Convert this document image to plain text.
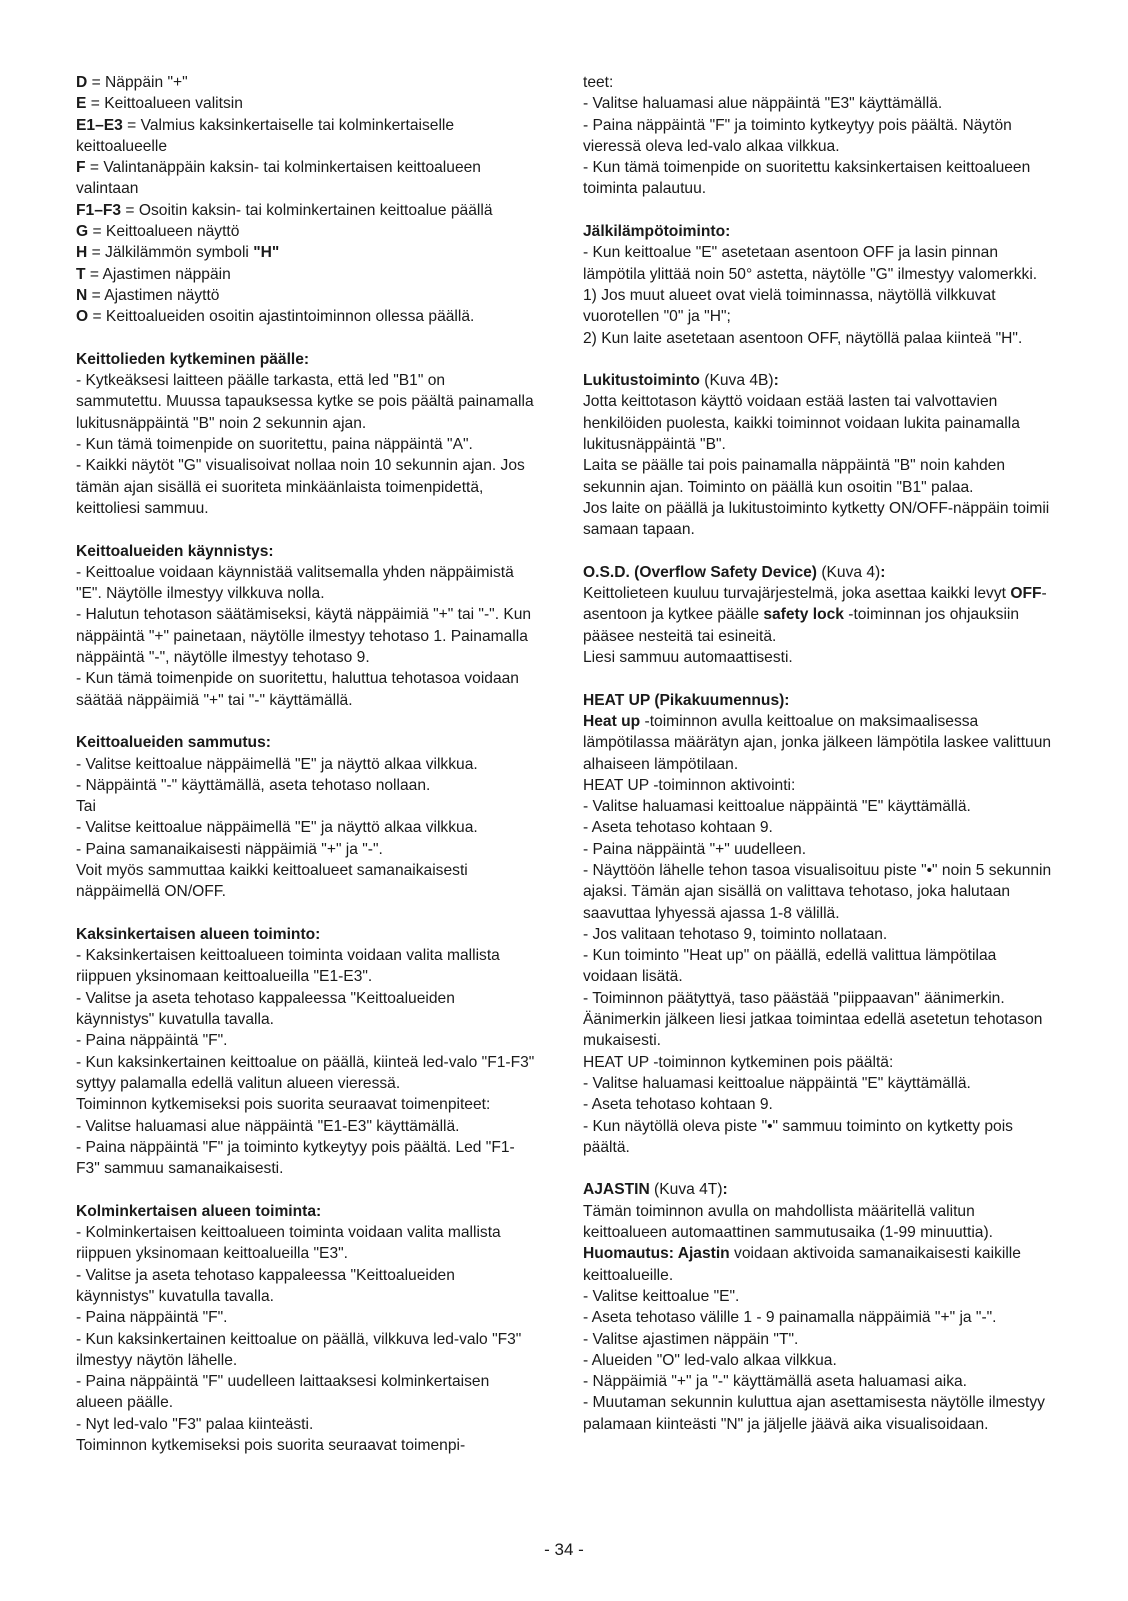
D = Näppäin "+"
E = Keittoalueen valitsin
E1–E3 = Valmius kaksinkertaiselle tai kolminkertaiselle keittoalueelle
F = Valintanäppäin kaksin- tai kolminkertaisen keittoalueen valintaan
F1–F3 = Osoitin kaksin- tai kolminkertainen keittoalue päällä
G = Keittoalueen näyttö
H = Jälkilämmön symboli "H"
T = Ajastimen näppäin
N = Ajastimen näyttö
O = Keittoalueiden osoitin ajastintoiminnon ollessa päällä.
Keittolieden kytkeminen päälle:
- Kytkeäksesi laitteen päälle tarkasta, että led "B1" on sammutettu. Muussa tapauksessa kytke se pois päältä painamalla lukitusnäppäintä "B" noin 2 sekunnin ajan.
- Kun tämä toimenpide on suoritettu, paina näppäintä "A".
- Kaikki näytöt "G" visualisoivat nollaa noin 10 sekunnin ajan. Jos tämän ajan sisällä ei suoriteta minkäänlaista toimenpidettä, keittoliesi sammuu.
Keittoalueiden käynnistys:
- Keittoalue voidaan käynnistää valitsemalla yhden näppäimistä "E". Näytölle ilmestyy vilkkuva nolla.
- Halutun tehotason säätämiseksi, käytä näppäimiä "+" tai "-". Kun näppäintä "+" painetaan, näytölle ilmestyy tehotaso 1. Painamalla näppäintä "-", näytölle ilmestyy tehotaso 9.
- Kun tämä toimenpide on suoritettu, haluttua tehotasoa voidaan säätää näppäimiä "+" tai "-" käyttämällä.
Keittoalueiden sammutus:
- Valitse keittoalue näppäimellä "E" ja näyttö alkaa vilkkua.
- Näppäintä "-" käyttämällä, aseta tehotaso nollaan.
Tai
- Valitse keittoalue näppäimellä "E" ja näyttö alkaa vilkkua.
- Paina samanaikaisesti näppäimiä "+" ja "-".
Voit myös sammuttaa kaikki keittoalueet samanaikaisesti näppäimellä ON/OFF.
Kaksinkertaisen alueen toiminto:
- Kaksinkertaisen keittoalueen toiminta voidaan valita mallista riippuen yksinomaan keittoalueilla "E1-E3".
- Valitse ja aseta tehotaso kappaleessa "Keittoalueiden käynnistys" kuvatulla tavalla.
- Paina näppäintä "F".
- Kun kaksinkertainen keittoalue on päällä, kiinteä led-valo "F1-F3" syttyy palamalla edellä valitun alueen vieressä.
Toiminnon kytkemiseksi pois suorita seuraavat toimenpiteet:
- Valitse haluamasi alue näppäintä "E1-E3" käyttämällä.
- Paina näppäintä "F" ja toiminto kytkeytyy pois päältä. Led "F1-F3" sammuu samanaikaisesti.
Kolminkertaisen alueen toiminta:
- Kolminkertaisen keittoalueen toiminta voidaan valita mallista riippuen yksinomaan keittoalueilla "E3".
- Valitse ja aseta tehotaso kappaleessa "Keittoalueiden käynnistys" kuvatulla tavalla.
- Paina näppäintä "F".
- Kun kaksinkertainen keittoalue on päällä, vilkkuva led-valo "F3" ilmestyy näytön lähelle.
- Paina näppäintä "F" uudelleen laittaaksesi kolminkertaisen alueen päälle.
- Nyt led-valo "F3" palaa kiinteästi.
Toiminnon kytkemiseksi pois suorita seuraavat toimenpi-
teet:
- Valitse haluamasi alue näppäintä "E3" käyttämällä.
- Paina näppäintä "F" ja toiminto kytkeytyy pois päältä. Näytön vieressä oleva led-valo alkaa vilkkua.
- Kun tämä toimenpide on suoritettu kaksinkertaisen keittoalueen toiminta palautuu.
Jälkilämpötoiminto:
- Kun keittoalue "E" asetetaan asentoon OFF ja lasin pinnan lämpötila ylittää noin 50° astetta, näytölle "G" ilmestyy valomerkki.
1) Jos muut alueet ovat vielä toiminnassa, näytöllä vilkkuvat vuorotellen "0" ja "H";
2) Kun laite asetetaan asentoon OFF, näytöllä palaa kiinteä "H".
Lukitustoiminto (Kuva 4B):
Jotta keittotason käyttö voidaan estää lasten tai valvottavien henkilöiden puolesta, kaikki toiminnot voidaan lukita painamalla lukitusnäppäintä "B".
Laita se päälle tai pois painamalla näppäintä "B" noin kahden sekunnin ajan. Toiminto on päällä kun osoitin "B1" palaa.
Jos laite on päällä ja lukitustoiminto kytketty ON/OFF-näppäin toimii samaan tapaan.
O.S.D. (Overflow Safety Device) (Kuva 4):
Keittolieteen kuuluu turvajärjestelmä, joka asettaa kaikki levyt OFF-asentoon ja kytkee päälle safety lock -toiminnan jos ohjauksiin pääsee nesteitä tai esineitä.
Liesi sammuu automaattisesti.
HEAT UP (Pikakuumennus):
Heat up -toiminnon avulla keittoalue on maksimaalisessa lämpötilassa määrätyn ajan, jonka jälkeen lämpötila laskee valittuun alhaiseen lämpötilaan.
HEAT UP -toiminnon aktivointi:
- Valitse haluamasi keittoalue näppäintä "E" käyttämällä.
- Aseta tehotaso kohtaan 9.
- Paina näppäintä "+" uudelleen.
- Näyttöön lähelle tehon tasoa visualisoituu piste "•" noin 5 sekunnin ajaksi. Tämän ajan sisällä on valittava tehotaso, joka halutaan saavuttaa lyhyessä ajassa 1-8 välillä.
- Jos valitaan tehotaso 9, toiminto nollataan.
- Kun toiminto "Heat up" on päällä, edellä valittua lämpötilaa voidaan lisätä.
- Toiminnon päätyttyä, taso päästää "piippaavan" äänimerkin. Äänimerkin jälkeen liesi jatkaa toimintaa edellä asetetun tehotason mukaisesti.
HEAT UP -toiminnon kytkeminen pois päältä:
- Valitse haluamasi keittoalue näppäintä "E" käyttämällä.
- Aseta tehotaso kohtaan 9.
- Kun näytöllä oleva piste "•" sammuu toiminto on kytketty pois päältä.
AJASTIN (Kuva 4T):
Tämän toiminnon avulla on mahdollista määritellä valitun keittoalueen automaattinen sammutusaika (1-99 minuuttia).
Huomautus: Ajastin voidaan aktivoida samanaikaisesti kaikille keittoalueille.
- Valitse keittoalue "E".
- Aseta tehotaso välille 1 - 9 painamalla näppäimiä "+" ja "-".
- Valitse ajastimen näppäin "T".
- Alueiden "O" led-valo alkaa vilkkua.
- Näppäimiä "+" ja "-" käyttämällä aseta haluamasi aika.
- Muutaman sekunnin kuluttua ajan asettamisesta näytölle ilmestyy palamaan kiinteästi "N" ja jäljelle jäävä aika visualisoidaan.
- 34 -
